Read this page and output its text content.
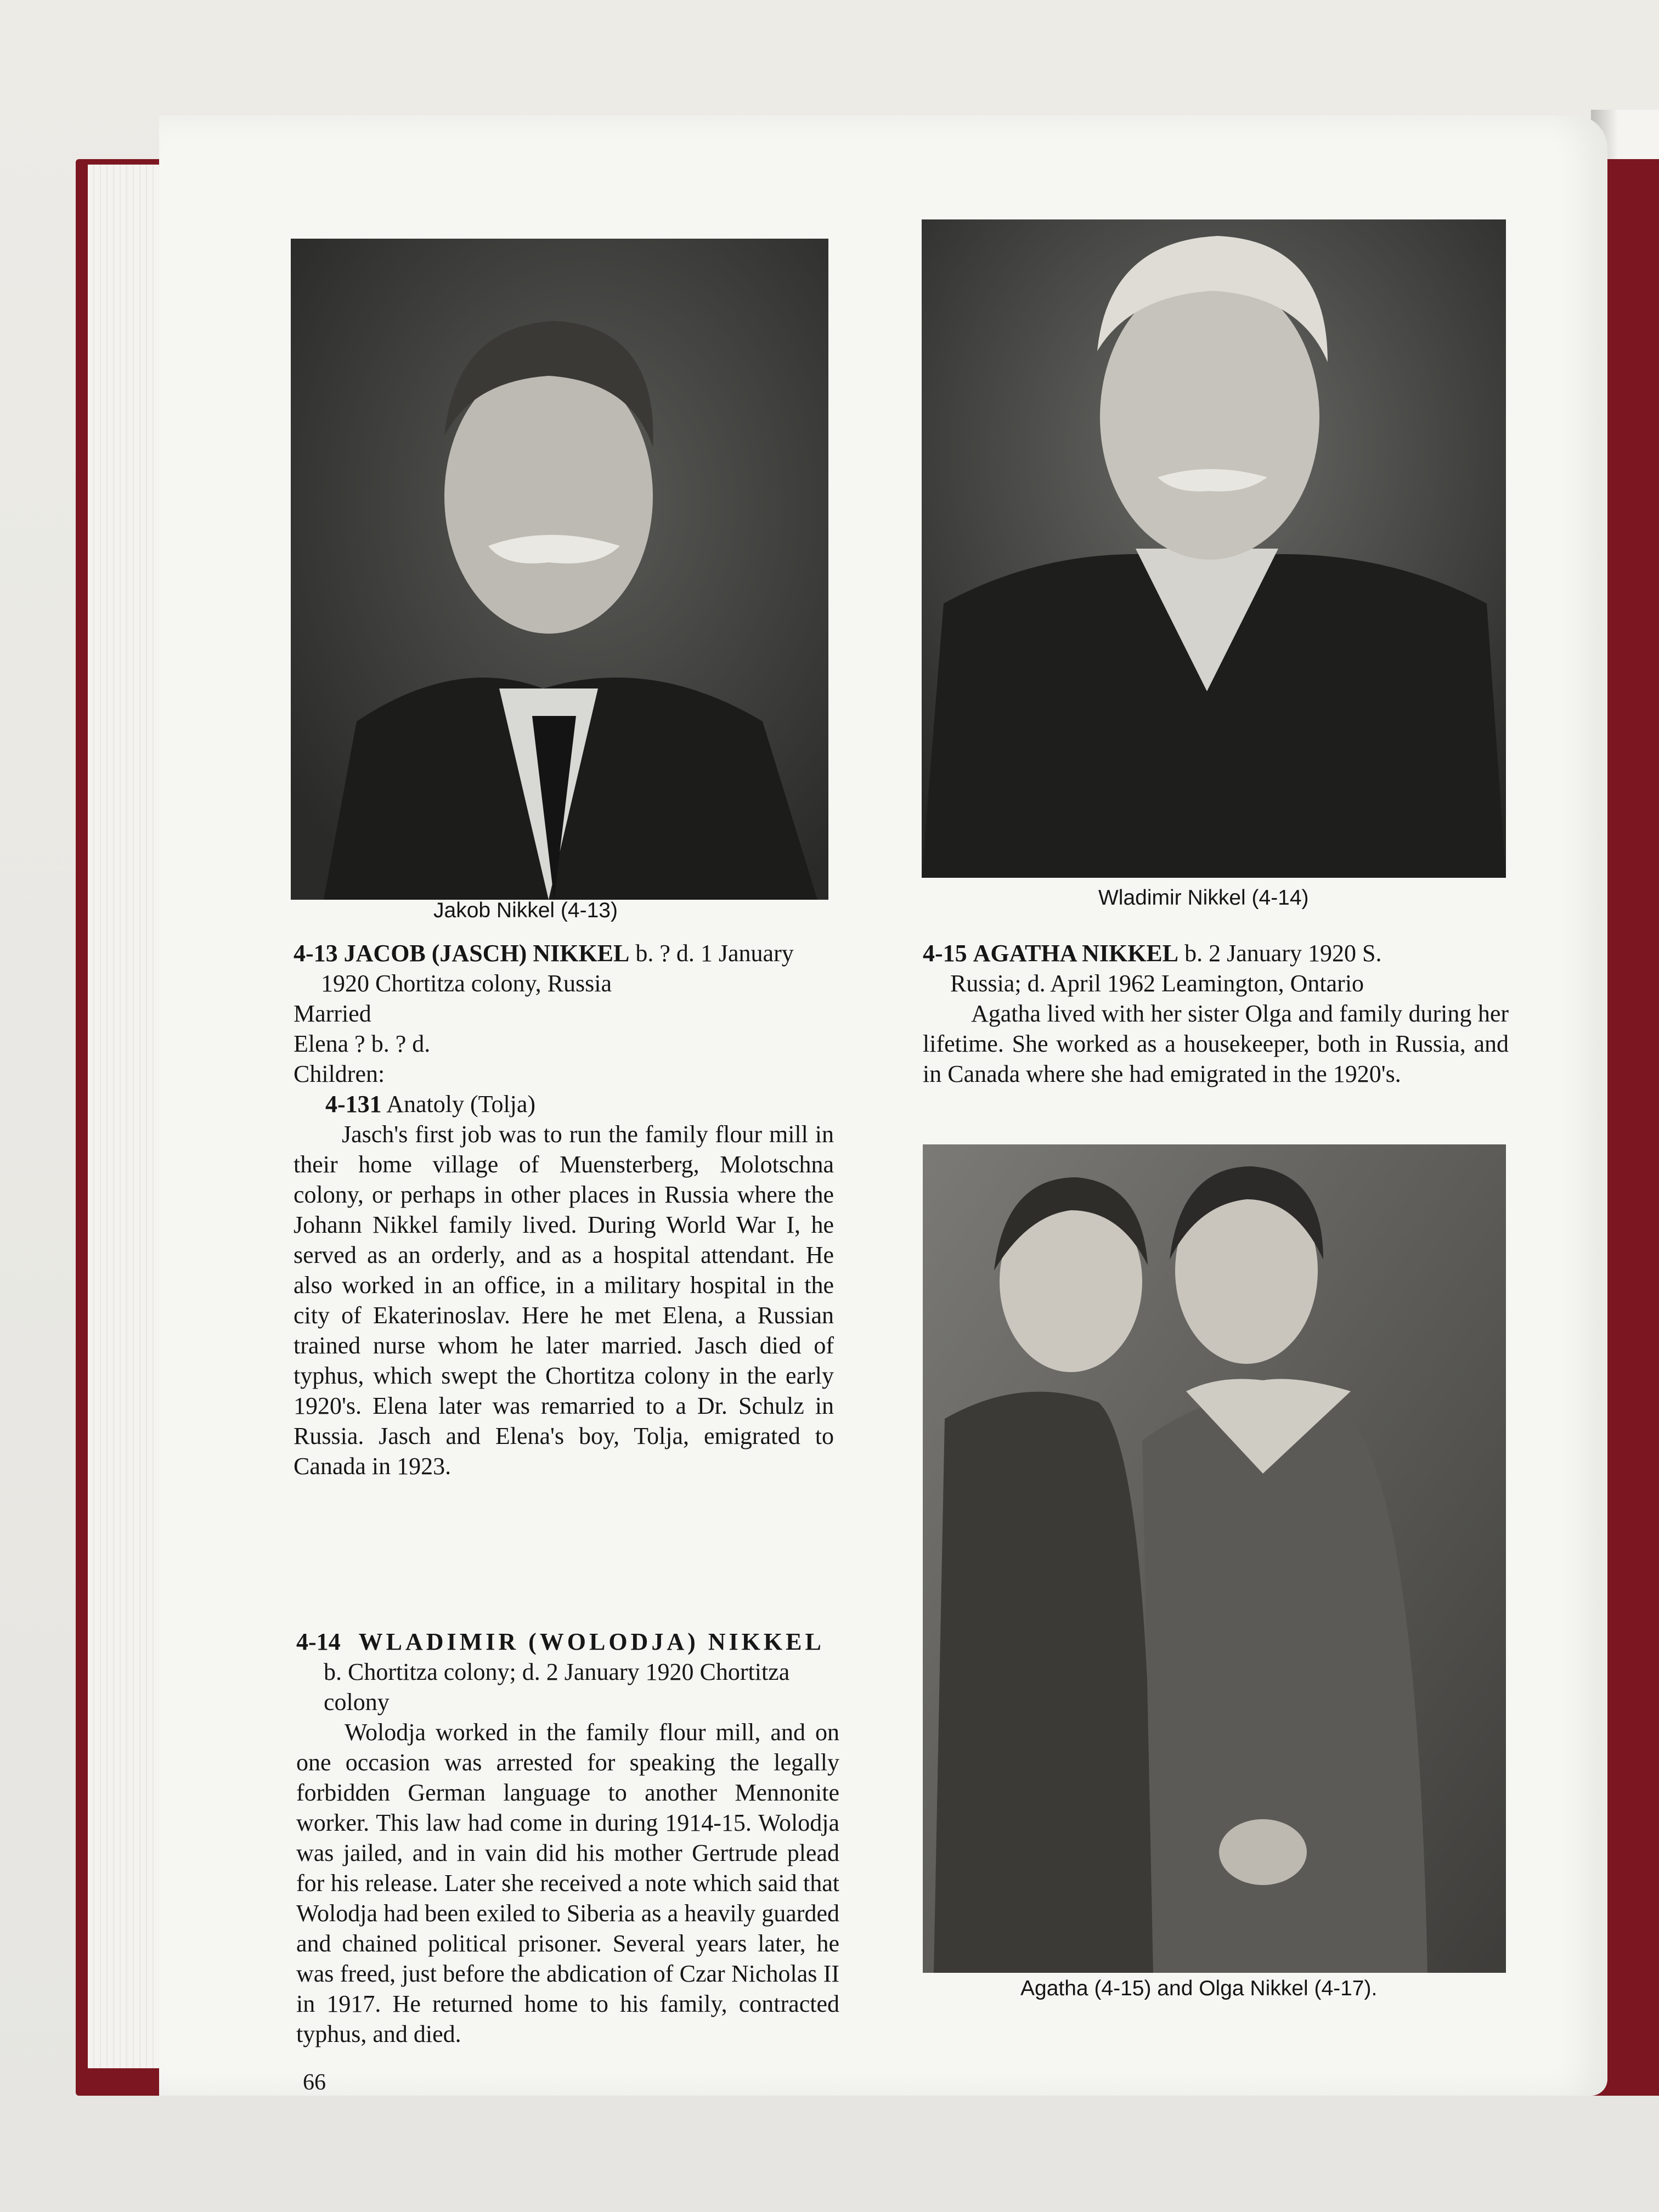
Jakob Nikkel (4-13)
Wladimir Nikkel (4-14)
Agatha (4-15) and Olga Nikkel (4-17).

4-13 JACOB (JASCH) NIKKEL b. ? d. 1 January

1920 Chortitza colony, Russia

Married

Elena ? b. ? d.

Children:

4-131 Anatoly (Tolja)

Jasch's first job was to run the family flour mill in their home village of Muensterberg, Molotschna colony, or perhaps in other places in Russia where the Johann Nikkel family lived. During World War I, he served as an orderly, and as a hospital attendant. He also worked in an office, in a military hospital in the city of Ekaterinoslav. Here he met Elena, a Russian trained nurse whom he later married. Jasch died of typhus, which swept the Chortitza colony in the early 1920's. Elena later was remarried to a Dr. Schulz in Russia. Jasch and Elena's boy, Tolja, emigrated to Canada in 1923.

4-14 WLADIMIR (WOLODJA) NIKKEL

b. Chortitza colony; d. 2 January 1920 Chortitza colony

Wolodja worked in the family flour mill, and on one occasion was arrested for speaking the legally forbidden German language to another Mennonite worker. This law had come in during 1914-15. Wolodja was jailed, and in vain did his mother Gertrude plead for his release. Later she received a note which said that Wolodja had been exiled to Siberia as a heavily guarded and chained political prisoner. Several years later, he was freed, just before the abdication of Czar Nicholas II in 1917. He returned home to his family, contracted typhus, and died.

66

4-15 AGATHA NIKKEL b. 2 January 1920 S.

Russia; d. April 1962 Leamington, Ontario

Agatha lived with her sister Olga and family during her lifetime. She worked as a housekeeper, both in Russia, and in Canada where she had emigrated in the 1920's.
